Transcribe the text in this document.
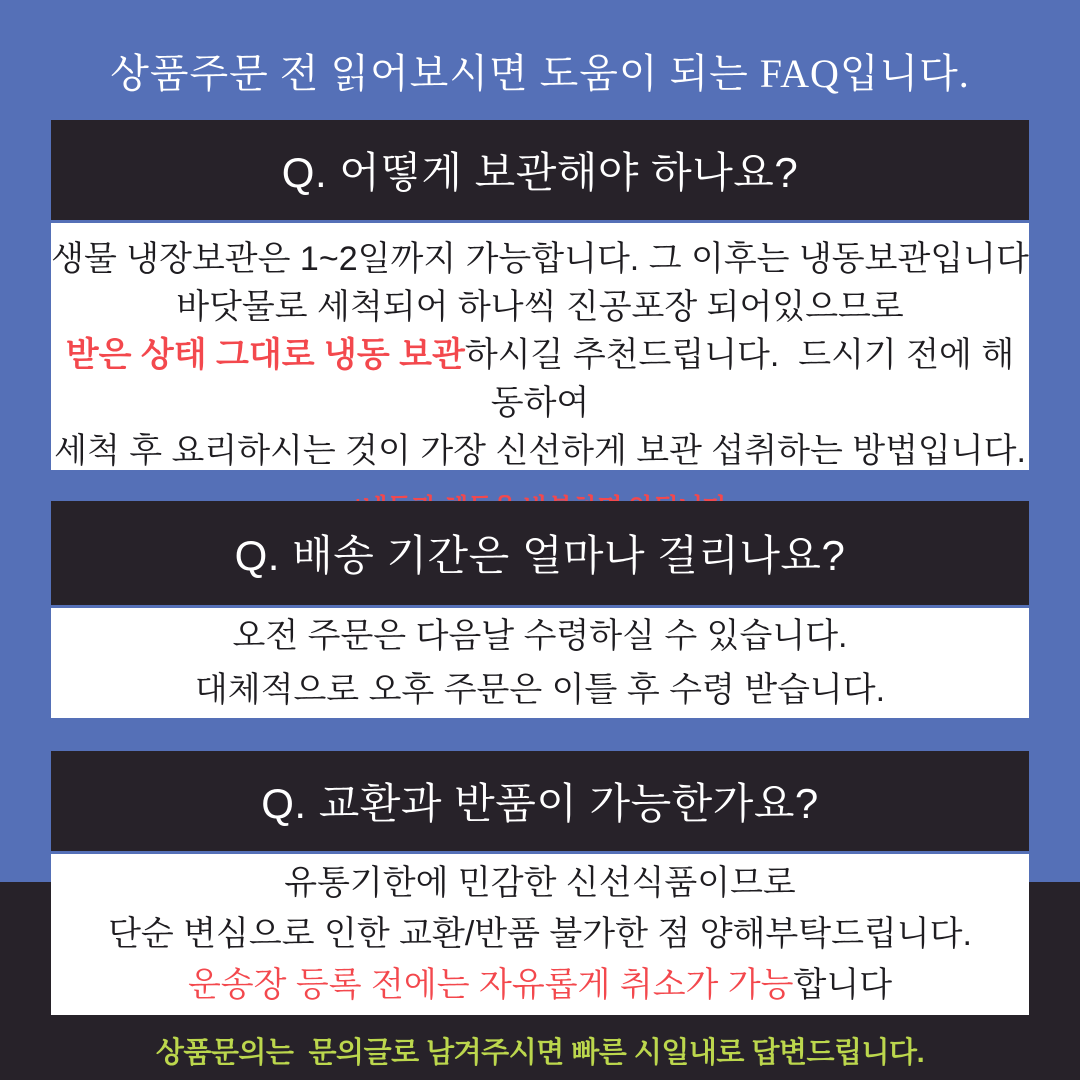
상품주문 전 읽어보시면 도움이 되는 FAQ입니다.
Q. 어떻게 보관해야 하나요?
생물 냉장보관은 1~2일까지 가능합니다. 그 이후는 냉동보관입니다
바닷물로 세척되어 하나씩 진공포장 되어있으므로
받은 상태 그대로 냉동 보관하시길 추천드립니다.  드시기 전에 해동하여
세척 후 요리하시는 것이 가장 신선하게 보관 섭취하는 방법입니다.
Q. 배송 기간은 얼마나 걸리나요?
오전 주문은 다음날 수령하실 수 있습니다.
대체적으로 오후 주문은 이틀 후 수령 받습니다.
Q. 교환과 반품이 가능한가요?
유통기한에 민감한 신선식품이므로
단순 변심으로 인한 교환/반품 불가한 점 양해부탁드립니다.
운송장 등록 전에는 자유롭게 취소가 가능합니다
상품문의는  문의글로 남겨주시면 빠른 시일내로 답변드립니다.
